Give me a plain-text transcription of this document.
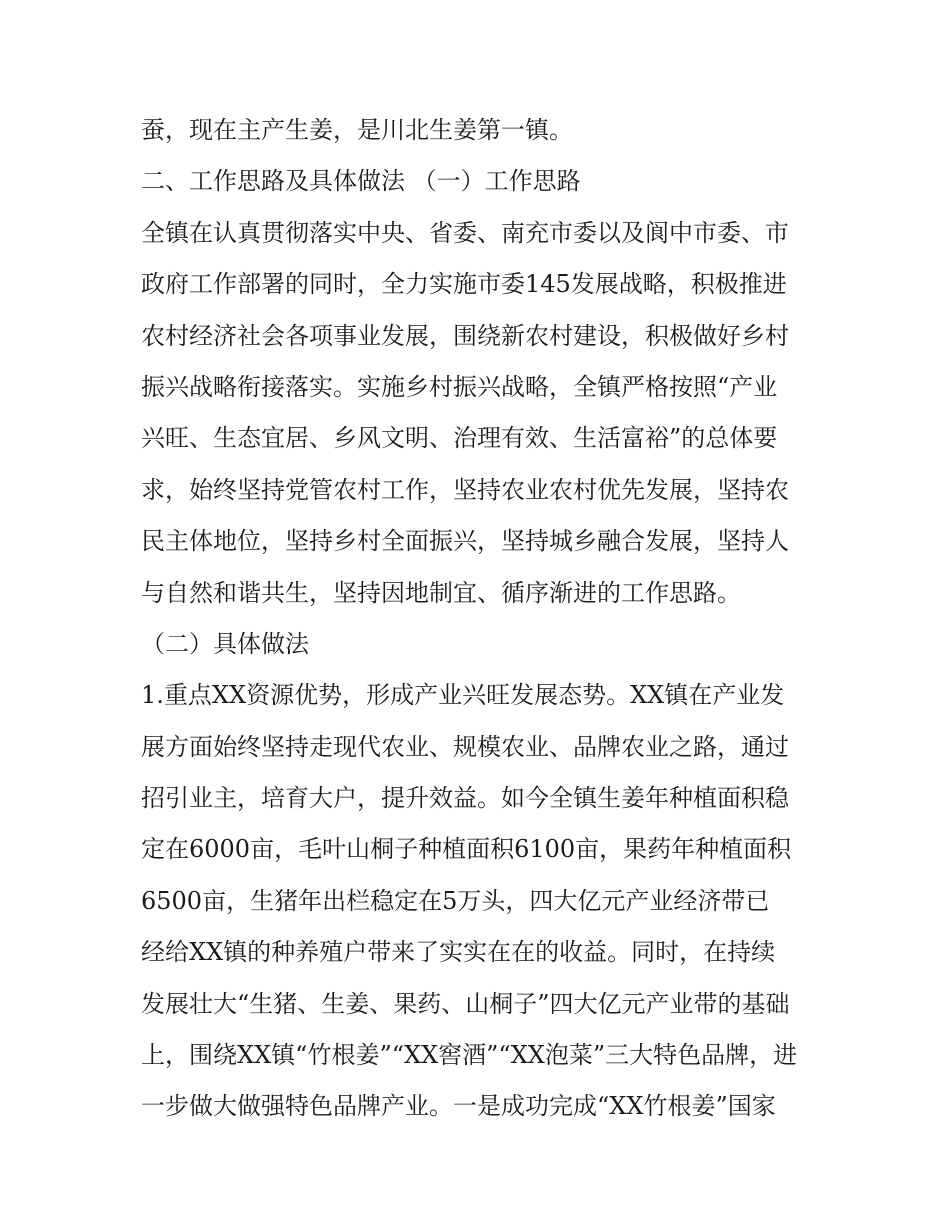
蚕，现在主产生姜，是川北生姜第一镇。
二、工作思路及具体做法 （一）工作思路
全镇在认真贯彻落实中央、省委、南充市委以及阆中市委、市
政府工作部署的同时，全力实施市委145发展战略，积极推进
农村经济社会各项事业发展，围绕新农村建设，积极做好乡村
振兴战略衔接落实。实施乡村振兴战略，全镇严格按照“产业
兴旺、生态宜居、乡风文明、治理有效、生活富裕”的总体要
求，始终坚持党管农村工作，坚持农业农村优先发展，坚持农
民主体地位，坚持乡村全面振兴，坚持城乡融合发展，坚持人
与自然和谐共生，坚持因地制宜、循序渐进的工作思路。
（二）具体做法
1.重点XX资源优势，形成产业兴旺发展态势。XX镇在产业发
展方面始终坚持走现代农业、规模农业、品牌农业之路，通过
招引业主，培育大户，提升效益。如今全镇生姜年种植面积稳
定在6000亩，毛叶山桐子种植面积6100亩，果药年种植面积
6500亩，生猪年出栏稳定在5万头，四大亿元产业经济带已
经给XX镇的种养殖户带来了实实在在的收益。同时，在持续
发展壮大“生猪、生姜、果药、山桐子”四大亿元产业带的基础
上，围绕XX镇“竹根姜”“XX窖酒”“XX泡菜”三大特色品牌，进
一步做大做强特色品牌产业。一是成功完成“XX竹根姜”国家
